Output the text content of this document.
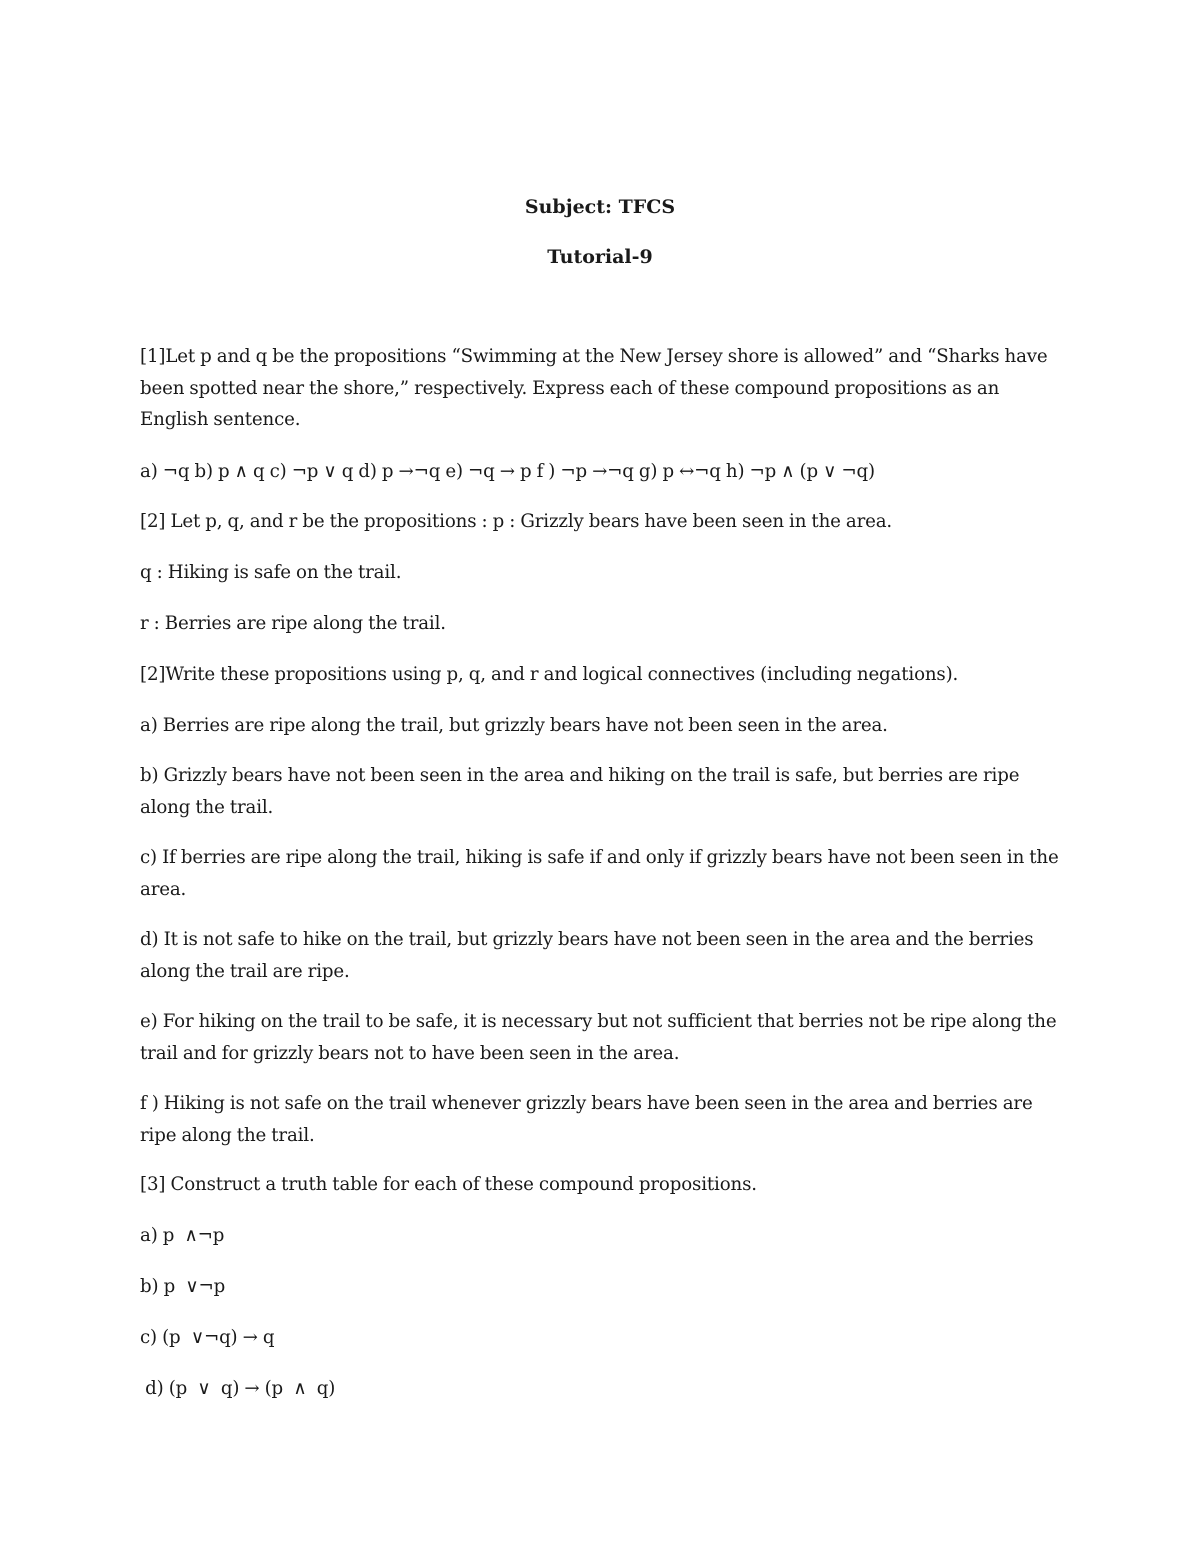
Subject: TFCS
Tutorial-9

[1]Let p and q be the propositions “Swimming at the New Jersey shore is allowed” and “Sharks have been spotted near the shore,” respectively. Express each of these compound propositions as an English sentence.

a) ¬q b) p ∧ q c) ¬p ∨ q d) p →¬q e) ¬q → p f ) ¬p →¬q g) p ↔¬q h) ¬p ∧ (p ∨ ¬q)

[2] Let p, q, and r be the propositions : p : Grizzly bears have been seen in the area.

q : Hiking is safe on the trail.

r : Berries are ripe along the trail.

[2]Write these propositions using p, q, and r and logical connectives (including negations).

a) Berries are ripe along the trail, but grizzly bears have not been seen in the area.

b) Grizzly bears have not been seen in the area and hiking on the trail is safe, but berries are ripe along the trail.

c) If berries are ripe along the trail, hiking is safe if and only if grizzly bears have not been seen in the area.

d) It is not safe to hike on the trail, but grizzly bears have not been seen in the area and the berries along the trail are ripe.

e) For hiking on the trail to be safe, it is necessary but not sufficient that berries not be ripe along the trail and for grizzly bears not to have been seen in the area.

f ) Hiking is not safe on the trail whenever grizzly bears have been seen in the area and berries are ripe along the trail.

[3] Construct a truth table for each of these compound propositions.

a) p  ∧¬p

b) p  ∨¬p

c) (p  ∨¬q) → q

d) (p  ∨  q) → (p  ∧  q)
